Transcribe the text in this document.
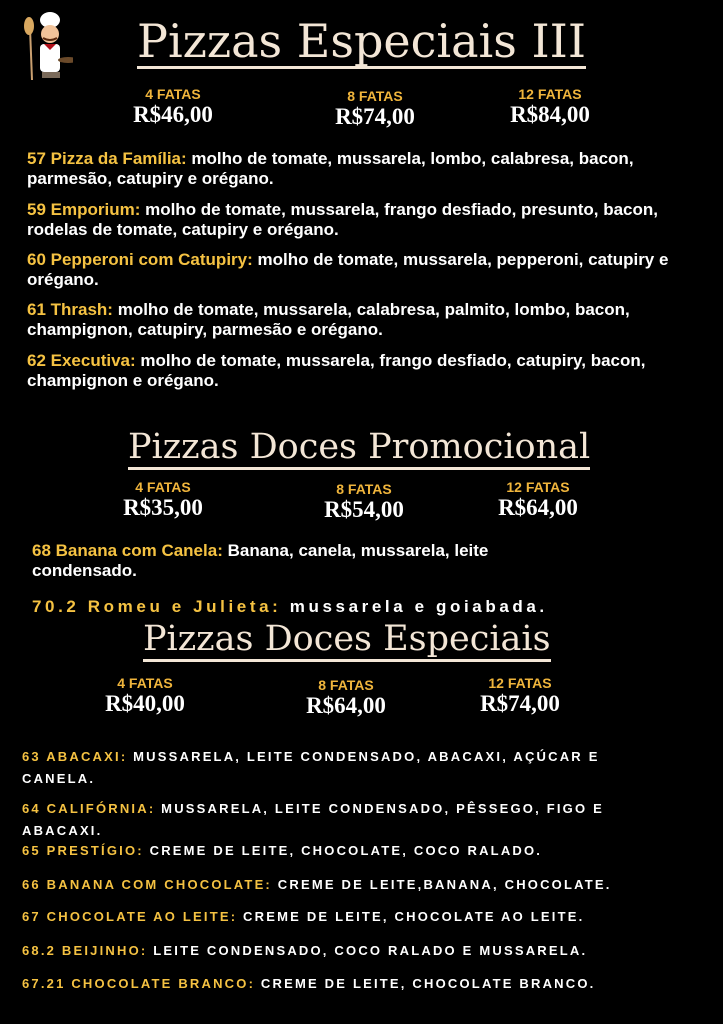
Pizzas Especiais III
4 FATAS
R$46,00
8 FATAS
R$74,00
12 FATAS
R$84,00
57 Pizza da Família: molho de tomate, mussarela, lombo, calabresa, bacon, parmesão, catupiry e orégano.
59 Emporium: molho de tomate, mussarela, frango desfiado, presunto, bacon, rodelas de tomate, catupiry e orégano.
60 Pepperoni com Catupiry: molho de tomate, mussarela, pepperoni, catupiry e orégano.
61 Thrash: molho de tomate, mussarela, calabresa, palmito, lombo, bacon, champignon, catupiry, parmesão e orégano.
62 Executiva: molho de tomate, mussarela, frango desfiado, catupiry, bacon, champignon e orégano.
Pizzas Doces Promocional
4 FATAS
R$35,00
8 FATAS
R$54,00
12 FATAS
R$64,00
68 Banana com Canela: Banana, canela, mussarela, leite condensado.
70.2 Romeu e Julieta: mussarela e goiabada.
Pizzas Doces Especiais
4 FATAS
R$40,00
8 FATAS
R$64,00
12 FATAS
R$74,00
63 ABACAXI: MUSSARELA, LEITE CONDENSADO, ABACAXI, AÇÚCAR E CANELA.
64 CALIFÓRNIA: MUSSARELA, LEITE CONDENSADO, PÊSSEGO, FIGO E ABACAXI.
65 PRESTÍGIO: CREME DE LEITE, CHOCOLATE, COCO RALADO.
66 BANANA COM CHOCOLATE: CREME DE LEITE,BANANA, CHOCOLATE.
67 CHOCOLATE AO LEITE: CREME DE LEITE, CHOCOLATE AO LEITE.
68.2 BEIJINHO: LEITE CONDENSADO, COCO RALADO E MUSSARELA.
67.21 CHOCOLATE BRANCO: CREME DE LEITE, CHOCOLATE BRANCO.
